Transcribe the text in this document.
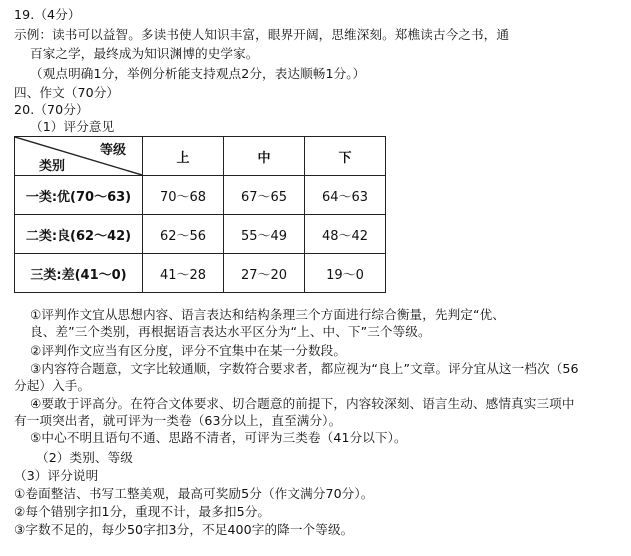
19.（4分）
示例：读书可以益智。多读书使人知识丰富，眼界开阔，思维深刻。郑樵读古今之书，通
百家之学，最终成为知识渊博的史学家。
（观点明确1分，举例分析能支持观点2分，表达顺畅1分。）
四、作文（70分）
20.（70分）
（1）评分意见
等级
类别	上	中	下
一类:优(70～63)	70～68	67～65	64～63
二类:良(62～42)	62～56	55～49	48～42
三类:差(41～0)	41～28	27～20	19～0
①评判作文宜从思想内容、语言表达和结构条理三个方面进行综合衡量，先判定“优、
良、差”三个类别，再根据语言表达水平区分为“上、中、下”三个等级。
②评判作文应当有区分度，评分不宜集中在某一分数段。
③内容符合题意，文字比较通顺，字数符合要求者，都应视为“良上”文章。评分宜从这一档次（56
分起）入手。
④要敢于评高分。在符合文体要求、切合题意的前提下，内容较深刻、语言生动、感情真实三项中
有一项突出者，就可评为一类卷（63分以上，直至满分）。
⑤中心不明且语句不通、思路不清者，可评为三类卷（41分以下）。
（2）类别、等级
（3）评分说明
①卷面整洁、书写工整美观，最高可奖励5分（作文满分70分）。
②每个错别字扣1分，重现不计，最多扣5分。
③字数不足的，每少50字扣3分，不足400字的降一个等级。
